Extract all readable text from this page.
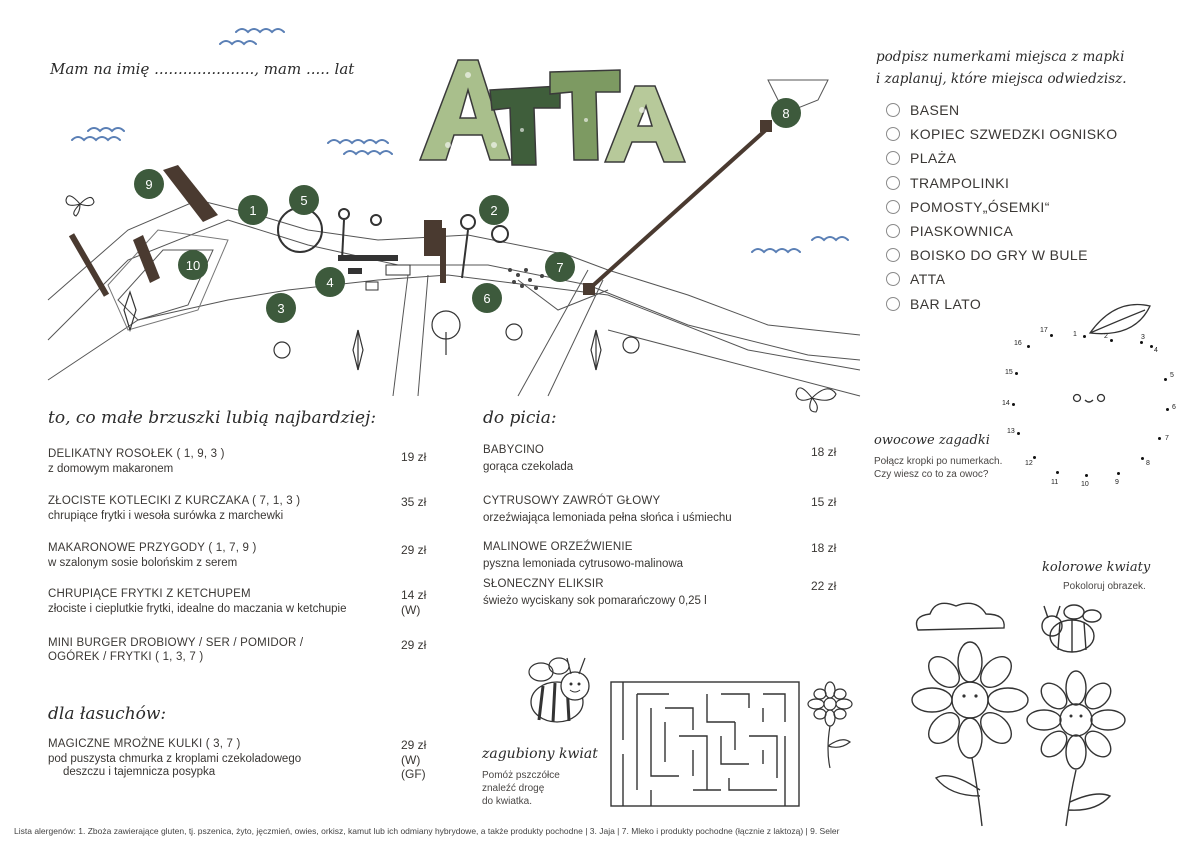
Mam na imię ....................., mam ..... lat
ATTA
1	2
3
4
5
6
7
8
9
10
podpisz numerkami miejsca z mapki
i zaplanuj, które miejsca odwiedzisz.
BASEN
KOPIEC SZWEDZKI OGNISKO
PLAŻA
TRAMPOLINKI
POMOSTY„ÓSEMKI“
PIASKOWNICA
BOISKO DO GRY W BULE
ATTA
BAR LATO
1	2	3
4
5
6
7
8
9
10
11
12
13
14
15
16
17
owocowe zagadki
Połącz kropki po numerkach.
Czy wiesz co to za owoc?
to, co małe brzuszki lubią najbardziej:
DELIKATNY ROSOŁEK ( 1, 9, 3 )
z domowym makaronem
19 zł
ZŁOCISTE KOTLECIKI Z KURCZAKA ( 7, 1, 3 )
chrupiące frytki i wesoła surówka z marchewki
35 zł
MAKARONOWE PRZYGODY ( 1, 7, 9 )
w szalonym sosie bolońskim z serem
29 zł
CHRUPIĄCE FRYTKI Z KETCHUPEM
złociste i cieplutkie frytki, idealne do maczania w ketchupie
14 zł
(W)
MINI BURGER DROBIOWY / SER / POMIDOR /
OGÓREK / FRYTKI ( 1, 3, 7 )
29 zł
dla łasuchów:
MAGICZNE MROŻNE KULKI ( 3, 7 )
pod puszysta chmurka z kroplami czekoladowego
deszczu i tajemnicza posypka
29 zł
(W) (GF)
do picia:
BABYCINO
gorąca czekolada
18 zł
CYTRUSOWY ZAWRÓT GŁOWY
orzeźwiająca lemoniada pełna słońca i uśmiechu
15 zł
MALINOWE ORZEŹWIENIE
pyszna lemoniada cytrusowo-malinowa
18 zł
SŁONECZNY ELIKSIR
świeżo wyciskany sok pomarańczowy 0,25 l
22 zł
zagubiony kwiat
Pomóż pszczółce
znaleźć drogę
do kwiatka.
kolorowe kwiaty
Pokoloruj obrazek.
Lista alergenów: 1. Zboża zawierające gluten, tj. pszenica, żyto, jęczmień, owies, orkisz, kamut lub ich odmiany hybrydowe, a także produkty pochodne | 3. Jaja | 7. Mleko i produkty pochodne (łącznie z laktozą) | 9. Seler
